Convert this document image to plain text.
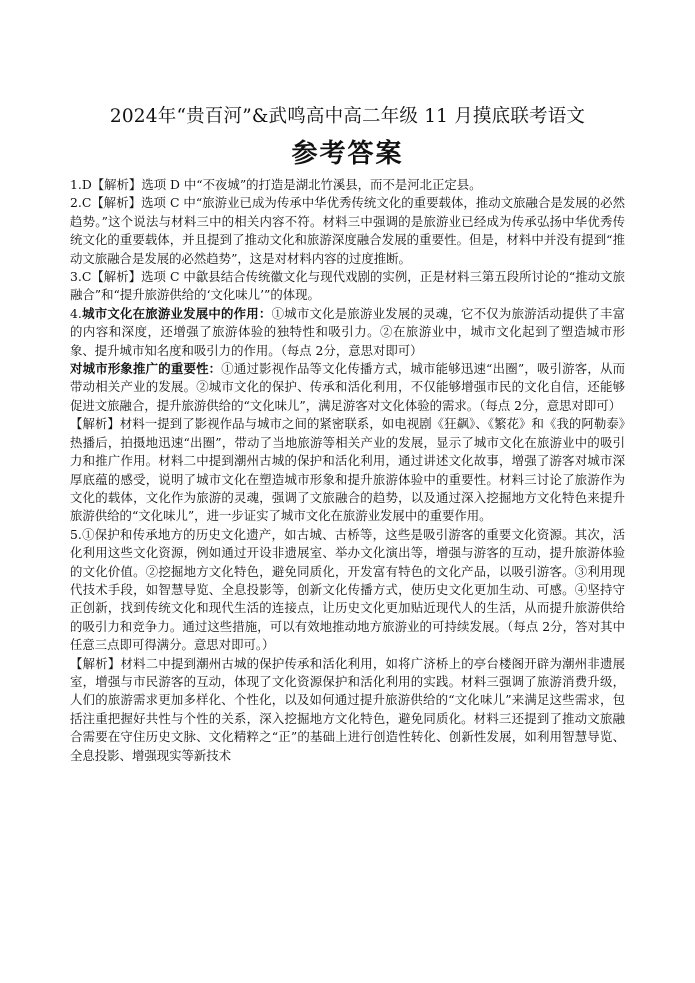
2024年“贵百河”&武鸣高中高二年级 11 月摸底联考语文

参考答案

1.D【解析】选项 D 中“不夜城”的打造是湖北竹溪县，而不是河北正定县。

2.C【解析】选项 C 中“旅游业已成为传承中华优秀传统文化的重要载体，推动文旅融合是发展的必然趋势。”这个说法与材料三中的相关内容不符。材料三中强调的是旅游业已经成为传承弘扬中华优秀传统文化的重要载体，并且提到了推动文化和旅游深度融合发展的重要性。但是，材料中并没有提到“推动文旅融合是发展的必然趋势”，这是对材料内容的过度推断。

3.C【解析】选项 C 中歙县结合传统徽文化与现代戏剧的实例，正是材料三第五段所讨论的“推动文旅融合”和“提升旅游供给的‘文化味儿’”的体现。

4.城市文化在旅游业发展中的作用：①城市文化是旅游业发展的灵魂，它不仅为旅游活动提供了丰富的内容和深度，还增强了旅游体验的独特性和吸引力。②在旅游业中，城市文化起到了塑造城市形象、提升城市知名度和吸引力的作用。（每点 2分，意思对即可）

对城市形象推广的重要性：①通过影视作品等文化传播方式，城市能够迅速“出圈”，吸引游客，从而带动相关产业的发展。②城市文化的保护、传承和活化利用，不仅能够增强市民的文化自信，还能够促进文旅融合，提升旅游供给的“文化味儿”，满足游客对文化体验的需求。（每点 2分，意思对即可）

【解析】材料一提到了影视作品与城市之间的紧密联系，如电视剧《狂飙》、《繁花》和《我的阿勒泰》热播后，拍摄地迅速“出圈”，带动了当地旅游等相关产业的发展，显示了城市文化在旅游业中的吸引力和推广作用。材料二中提到潮州古城的保护和活化利用，通过讲述文化故事，增强了游客对城市深厚底蕴的感受，说明了城市文化在塑造城市形象和提升旅游体验中的重要性。材料三讨论了旅游作为文化的载体，文化作为旅游的灵魂，强调了文旅融合的趋势，以及通过深入挖掘地方文化特色来提升旅游供给的“文化味儿”，进一步证实了城市文化在旅游业发展中的重要作用。

5.①保护和传承地方的历史文化遗产，如古城、古桥等，这些是吸引游客的重要文化资源。其次，活化利用这些文化资源，例如通过开设非遗展室、举办文化演出等，增强与游客的互动，提升旅游体验的文化价值。②挖掘地方文化特色，避免同质化，开发富有特色的文化产品，以吸引游客。③利用现代技术手段，如智慧导览、全息投影等，创新文化传播方式，使历史文化更加生动、可感。④坚持守正创新，找到传统文化和现代生活的连接点，让历史文化更加贴近现代人的生活，从而提升旅游供给的吸引力和竞争力。通过这些措施，可以有效地推动地方旅游业的可持续发展。（每点 2分，答对其中任意三点即可得满分。意思对即可。）

【解析】材料二中提到潮州古城的保护传承和活化利用，如将广济桥上的亭台楼阁开辟为潮州非遗展室，增强与市民游客的互动，体现了文化资源保护和活化利用的实践。材料三强调了旅游消费升级，人们的旅游需求更加多样化、个性化，以及如何通过提升旅游供给的“文化味儿”来满足这些需求，包括注重把握好共性与个性的关系，深入挖掘地方文化特色，避免同质化。材料三还提到了推动文旅融合需要在守住历史文脉、文化精粹之“正”的基础上进行创造性转化、创新性发展，如利用智慧导览、全息投影、增强现实等新技术
